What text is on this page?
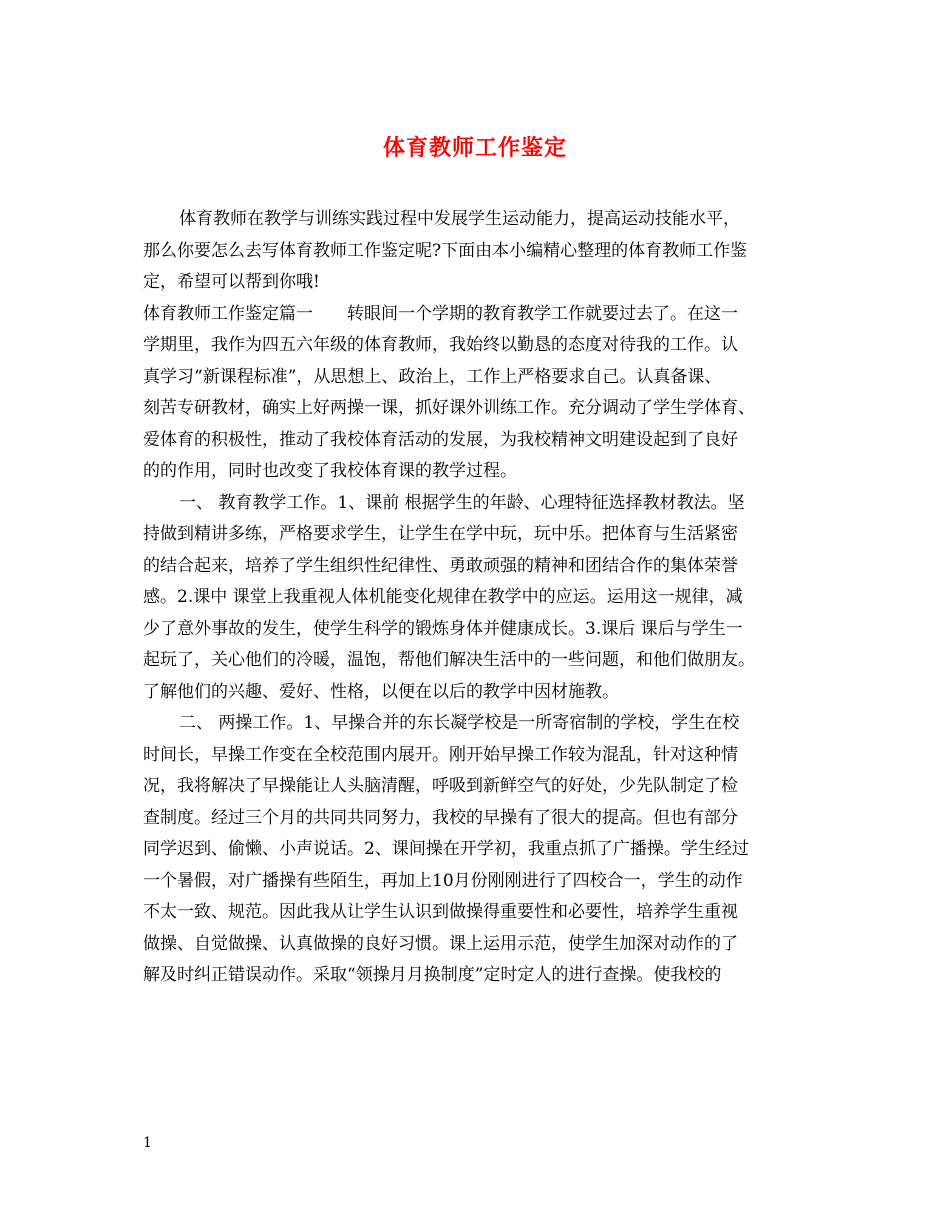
体育教师工作鉴定
体育教师在教学与训练实践过程中发展学生运动能力，提高运动技能水平，
那么你要怎么去写体育教师工作鉴定呢?下面由本小编精心整理的体育教师工作鉴
定，希望可以帮到你哦!
体育教师工作鉴定篇一　　转眼间一个学期的教育教学工作就要过去了。在这一
学期里，我作为四五六年级的体育教师，我始终以勤恳的态度对待我的工作。认
真学习“新课程标准”，从思想上、政治上，工作上严格要求自己。认真备课、
刻苦专研教材，确实上好两操一课，抓好课外训练工作。充分调动了学生学体育、
爱体育的积极性，推动了我校体育活动的发展，为我校精神文明建设起到了良好
的的作用，同时也改变了我校体育课的教学过程。
一、 教育教学工作。1、课前 根据学生的年龄、心理特征选择教材教法。坚
持做到精讲多练，严格要求学生，让学生在学中玩，玩中乐。把体育与生活紧密
的结合起来，培养了学生组织性纪律性、勇敢顽强的精神和团结合作的集体荣誉
感。2.课中 课堂上我重视人体机能变化规律在教学中的应运。运用这一规律，减
少了意外事故的发生，使学生科学的锻炼身体并健康成长。3.课后 课后与学生一
起玩了，关心他们的冷暖，温饱，帮他们解决生活中的一些问题，和他们做朋友。
了解他们的兴趣、爱好、性格，以便在以后的教学中因材施教。
二、 两操工作。1、早操合并的东长凝学校是一所寄宿制的学校，学生在校
时间长，早操工作变在全校范围内展开。刚开始早操工作较为混乱，针对这种情
况，我将解决了早操能让人头脑清醒，呼吸到新鲜空气的好处，少先队制定了检
查制度。经过三个月的共同共同努力，我校的早操有了很大的提高。但也有部分
同学迟到、偷懒、小声说话。2、课间操在开学初，我重点抓了广播操。学生经过
一个暑假，对广播操有些陌生，再加上10月份刚刚进行了四校合一，学生的动作
不太一致、规范。因此我从让学生认识到做操得重要性和必要性，培养学生重视
做操、自觉做操、认真做操的良好习惯。课上运用示范，使学生加深对动作的了
解及时纠正错误动作。采取“领操月月换制度”定时定人的进行查操。使我校的
1
